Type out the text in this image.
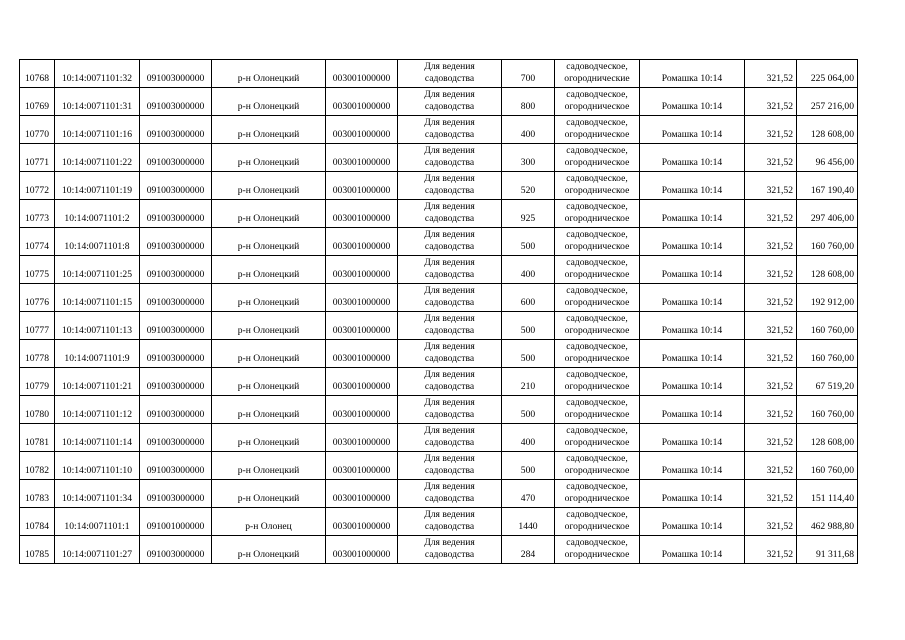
10768	10:14:0071101:32	091003000000	р-н Олонецкий	003001000000	Для ведения
садоводства	700	садоводческое,
огороднические	Ромашка 10:14	321,52	225 064,00
10769	10:14:0071101:31	091003000000	р-н Олонецкий	003001000000	Для ведения
садоводства	800	садоводческое,
огородническое	Ромашка 10:14	321,52	257 216,00
10770	10:14:0071101:16	091003000000	р-н Олонецкий	003001000000	Для ведения
садоводства	400	садоводческое,
огородническое	Ромашка 10:14	321,52	128 608,00
10771	10:14:0071101:22	091003000000	р-н Олонецкий	003001000000	Для ведения
садоводства	300	садоводческое,
огородническое	Ромашка 10:14	321,52	96 456,00
10772	10:14:0071101:19	091003000000	р-н Олонецкий	003001000000	Для ведения
садоводства	520	садоводческое,
огородническое	Ромашка 10:14	321,52	167 190,40
10773	10:14:0071101:2	091003000000	р-н Олонецкий	003001000000	Для ведения
садоводства	925	садоводческое,
огородническое	Ромашка 10:14	321,52	297 406,00
10774	10:14:0071101:8	091003000000	р-н Олонецкий	003001000000	Для ведения
садоводства	500	садоводческое,
огородническое	Ромашка 10:14	321,52	160 760,00
10775	10:14:0071101:25	091003000000	р-н Олонецкий	003001000000	Для ведения
садоводства	400	садоводческое,
огородническое	Ромашка 10:14	321,52	128 608,00
10776	10:14:0071101:15	091003000000	р-н Олонецкий	003001000000	Для ведения
садоводства	600	садоводческое,
огородническое	Ромашка 10:14	321,52	192 912,00
10777	10:14:0071101:13	091003000000	р-н Олонецкий	003001000000	Для ведения
садоводства	500	садоводческое,
огородническое	Ромашка 10:14	321,52	160 760,00
10778	10:14:0071101:9	091003000000	р-н Олонецкий	003001000000	Для ведения
садоводства	500	садоводческое,
огородническое	Ромашка 10:14	321,52	160 760,00
10779	10:14:0071101:21	091003000000	р-н Олонецкий	003001000000	Для ведения
садоводства	210	садоводческое,
огородническое	Ромашка 10:14	321,52	67 519,20
10780	10:14:0071101:12	091003000000	р-н Олонецкий	003001000000	Для ведения
садоводства	500	садоводческое,
огородническое	Ромашка 10:14	321,52	160 760,00
10781	10:14:0071101:14	091003000000	р-н Олонецкий	003001000000	Для ведения
садоводства	400	садоводческое,
огородническое	Ромашка 10:14	321,52	128 608,00
10782	10:14:0071101:10	091003000000	р-н Олонецкий	003001000000	Для ведения
садоводства	500	садоводческое,
огородническое	Ромашка 10:14	321,52	160 760,00
10783	10:14:0071101:34	091003000000	р-н Олонецкий	003001000000	Для ведения
садоводства	470	садоводческое,
огородническое	Ромашка 10:14	321,52	151 114,40
10784	10:14:0071101:1	091001000000	р-н Олонец	003001000000	Для ведения
садоводства	1440	садоводческое,
огородническое	Ромашка 10:14	321,52	462 988,80
10785	10:14:0071101:27	091003000000	р-н Олонецкий	003001000000	Для ведения
садоводства	284	садоводческое,
огородническое	Ромашка 10:14	321,52	91 311,68
